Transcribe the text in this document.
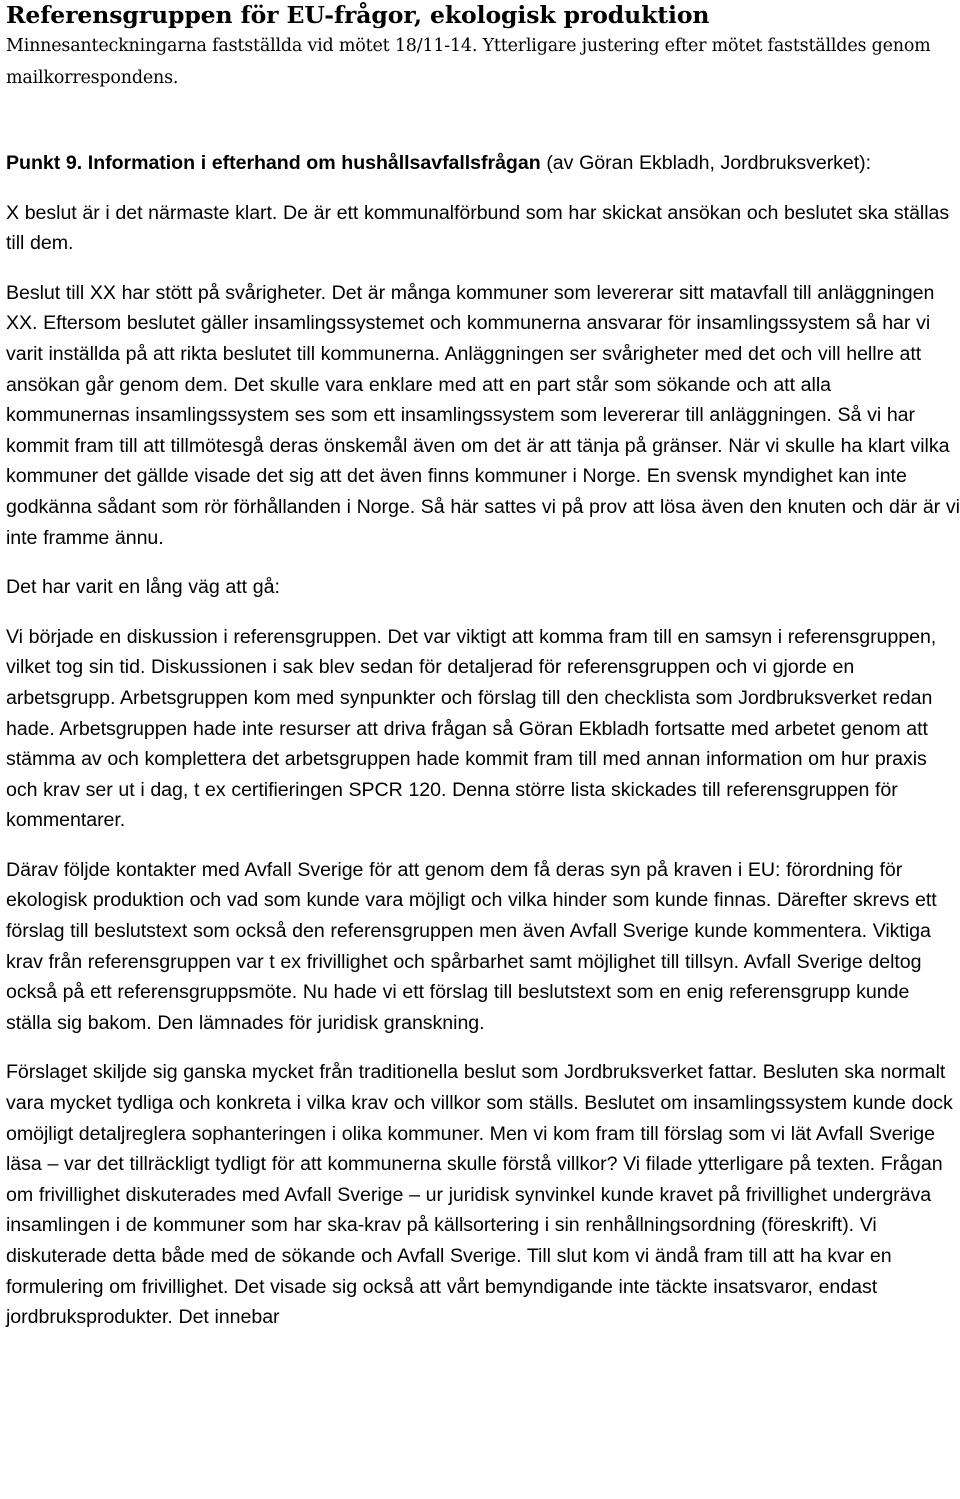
Referensgruppen för EU-frågor, ekologisk produktion

Minnesanteckningarna fastställda vid mötet 18/11-14. Ytterligare justering efter mötet fastställdes genom mailkorrespondens.

Punkt 9. Information i efterhand om hushållsavfallsfrågan (av Göran Ekbladh, Jordbruksverket):

X beslut är i det närmaste klart. De är ett kommunalförbund som har skickat ansökan och beslutet ska ställas till dem.

Beslut till XX har stött på svårigheter. Det är många kommuner som levererar sitt matavfall till anläggningen XX. Eftersom beslutet gäller insamlingssystemet och kommunerna ansvarar för insamlingssystem så har vi varit inställda på att rikta beslutet till kommunerna. Anläggningen ser svårigheter med det och vill hellre att ansökan går genom dem. Det skulle vara enklare med att en part står som sökande och att alla kommunernas insamlingssystem ses som ett insamlingssystem som levererar till anläggningen. Så vi har kommit fram till att tillmötesgå deras önskemål även om det är att tänja på gränser. När vi skulle ha klart vilka kommuner det gällde visade det sig att det även finns kommuner i Norge. En svensk myndighet kan inte godkänna sådant som rör förhållanden i Norge. Så här sattes vi på prov att lösa även den knuten och där är vi inte framme ännu.

Det har varit en lång väg att gå:

Vi började en diskussion i referensgruppen. Det var viktigt att komma fram till en samsyn i referensgruppen, vilket tog sin tid. Diskussionen i sak blev sedan för detaljerad för referensgruppen och vi gjorde en arbetsgrupp. Arbetsgruppen kom med synpunkter och förslag till den checklista som Jordbruksverket redan hade. Arbetsgruppen hade inte resurser att driva frågan så Göran Ekbladh fortsatte med arbetet genom att stämma av och komplettera det arbetsgruppen hade kommit fram till med annan information om hur praxis och krav ser ut i dag, t ex certifieringen SPCR 120. Denna större lista skickades till referensgruppen för kommentarer.

Därav följde kontakter med Avfall Sverige för att genom dem få deras syn på kraven i EU: förordning för ekologisk produktion och vad som kunde vara möjligt och vilka hinder som kunde finnas. Därefter skrevs ett förslag till beslutstext som också den referensgruppen men även Avfall Sverige kunde kommentera. Viktiga krav från referensgruppen var t ex frivillighet och spårbarhet samt möjlighet till tillsyn. Avfall Sverige deltog också på ett referensgruppsmöte. Nu hade vi ett förslag till beslutstext som en enig referensgrupp kunde ställa sig bakom. Den lämnades för juridisk granskning.

Förslaget skiljde sig ganska mycket från traditionella beslut som Jordbruksverket fattar. Besluten ska normalt vara mycket tydliga och konkreta i vilka krav och villkor som ställs. Beslutet om insamlingssystem kunde dock omöjligt detaljreglera sophanteringen i olika kommuner. Men vi kom fram till förslag som vi lät Avfall Sverige läsa – var det tillräckligt tydligt för att kommunerna skulle förstå villkor? Vi filade ytterligare på texten. Frågan om frivillighet diskuterades med Avfall Sverige – ur juridisk synvinkel kunde kravet på frivillighet undergräva insamlingen i de kommuner som har ska-krav på källsortering i sin renhållningsordning (föreskrift). Vi diskuterade detta både med de sökande och Avfall Sverige. Till slut kom vi ändå fram till att ha kvar en formulering om frivillighet. Det visade sig också att vårt bemyndigande inte täckte insatsvaror, endast jordbruksprodukter. Det innebar
